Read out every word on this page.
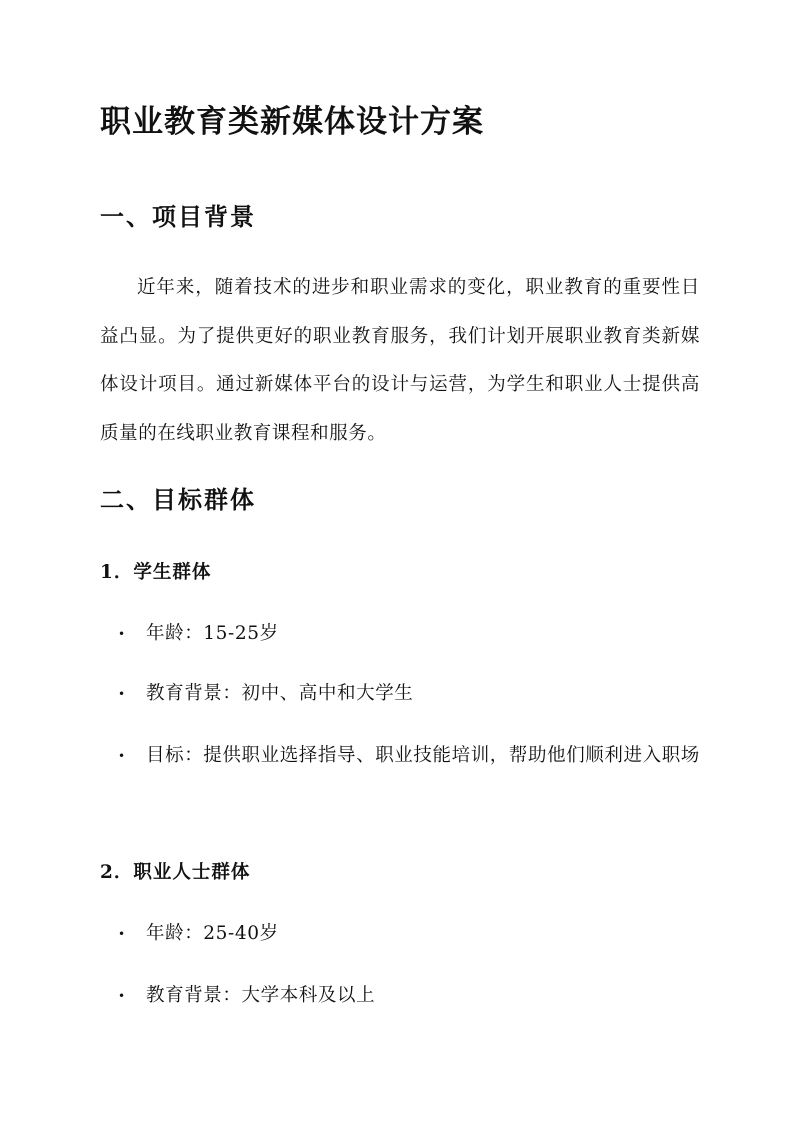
职业教育类新媒体设计方案
一、项目背景

近年来，随着技术的进步和职业需求的变化，职业教育的重要性日益凸显。为了提供更好的职业教育服务，我们计划开展职业教育类新媒体设计项目。通过新媒体平台的设计与运营，为学生和职业人士提供高质量的在线职业教育课程和服务。

二、目标群体
1．学生群体
• 年龄：15-25岁
• 教育背景：初中、高中和大学生
• 目标：提供职业选择指导、职业技能培训，帮助他们顺利进入职场
2．职业人士群体
• 年龄：25-40岁
• 教育背景：大学本科及以上
